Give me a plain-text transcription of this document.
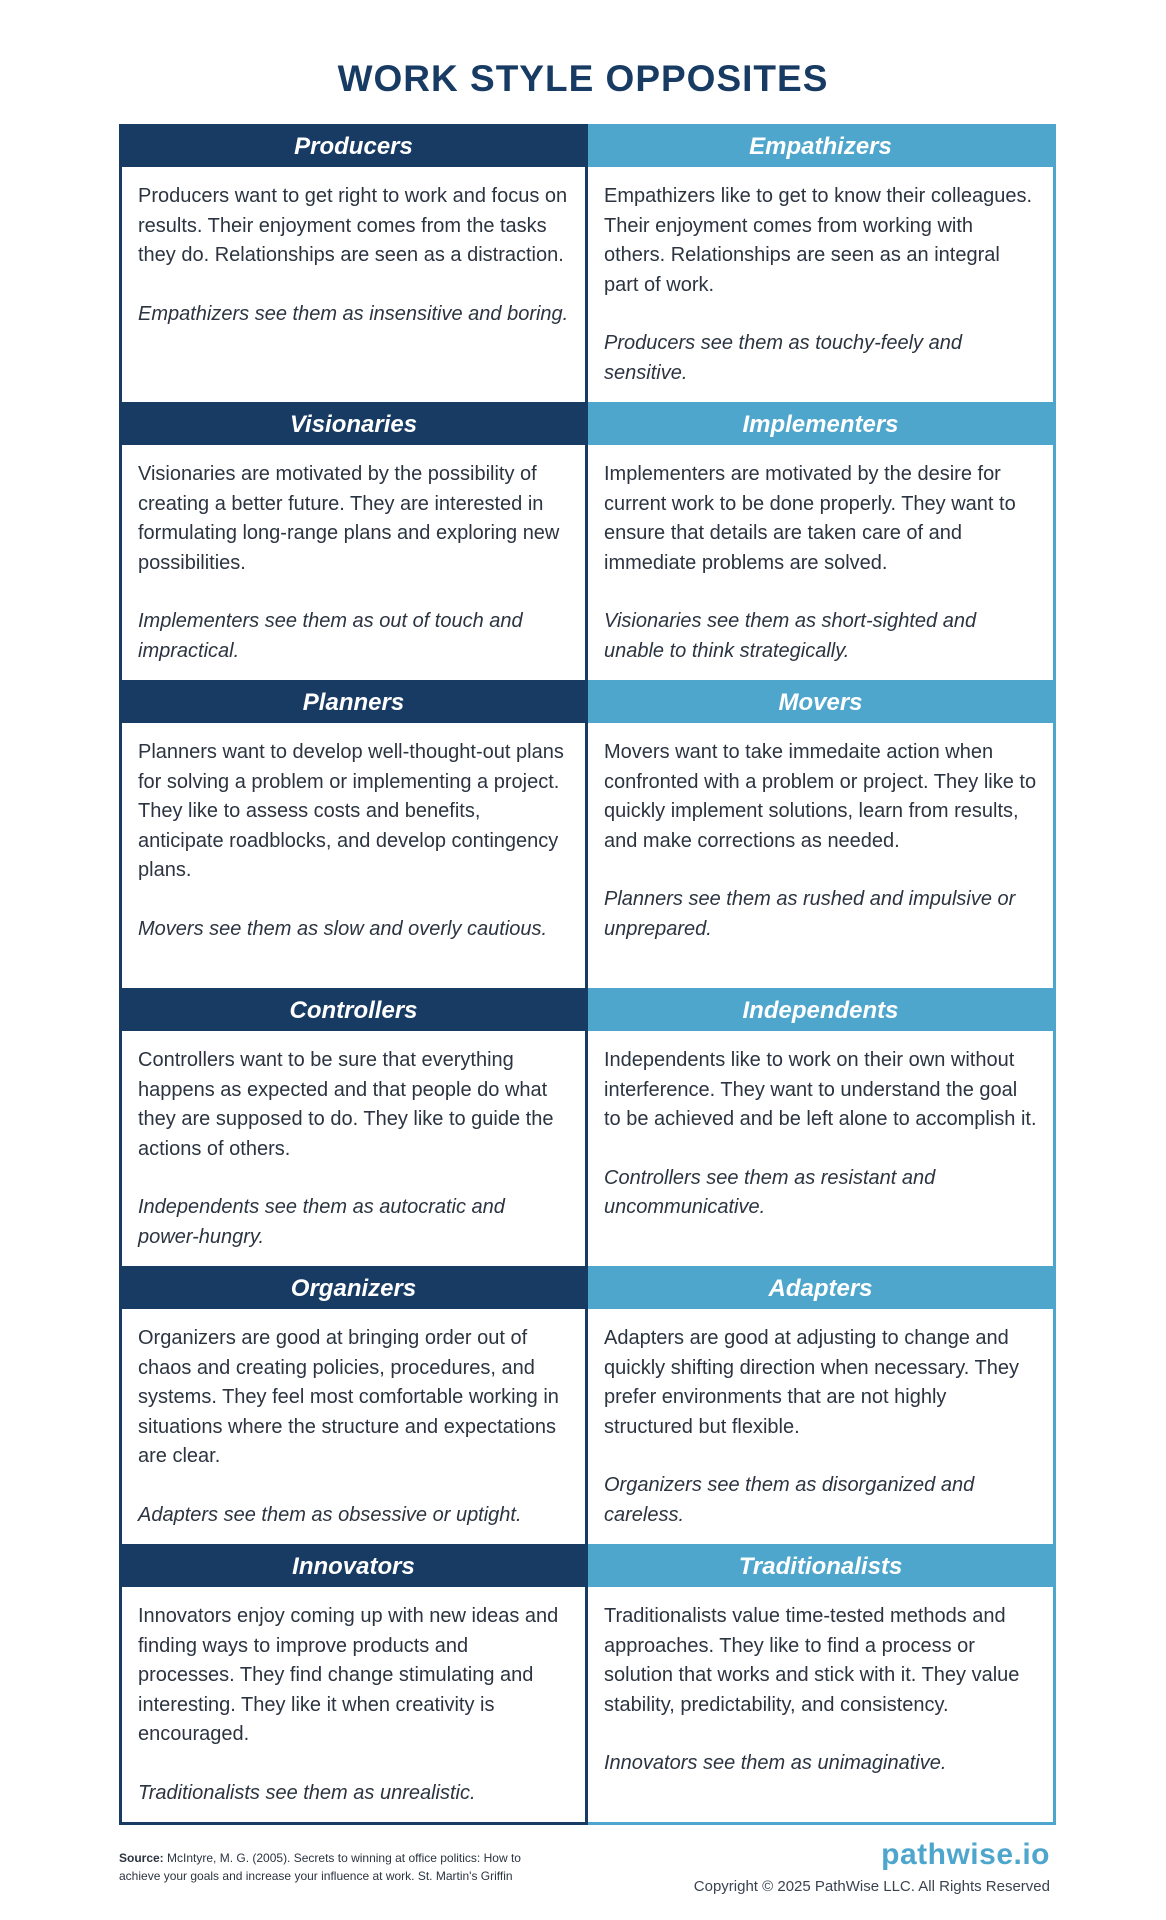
WORK STYLE OPPOSITES
Producers

Producers want to get right to work and focus on results. Their enjoyment comes from the tasks they do. Relationships are seen as a distraction.

Empathizers see them as insensitive and boring.

Empathizers

Empathizers like to get to know their colleagues. Their enjoyment comes from working with others. Relationships are seen as an integral part of work.

Producers see them as touchy-feely and sensitive.

Visionaries

Visionaries are motivated by the possibility of creating a better future. They are interested in formulating long-range plans and exploring new possibilities.

Implementers see them as out of touch and impractical.

Implementers

Implementers are motivated by the desire for current work to be done properly. They want to ensure that details are taken care of and immediate problems are solved.

Visionaries see them as short-sighted and unable to think strategically.

Planners

Planners want to develop well-thought-out plans for solving a problem or implementing a project. They like to assess costs and benefits, anticipate roadblocks, and develop contingency plans.

Movers see them as slow and overly cautious.

Movers

Movers want to take immedaite action when confronted with a problem or project. They like to quickly implement solutions, learn from results, and make corrections as needed.

Planners see them as rushed and impulsive or unprepared.

Controllers

Controllers want to be sure that everything happens as expected and that people do what they are supposed to do. They like to guide the actions of others.

Independents see them as autocratic and power-hungry.

Independents

Independents like to work on their own without interference. They want to understand the goal to be achieved and be left alone to accomplish it.

Controllers see them as resistant and uncommunicative.

Organizers

Organizers are good at bringing order out of chaos and creating policies, procedures, and systems. They feel most comfortable working in situations where the structure and expectations are clear.

Adapters see them as obsessive or uptight.

Adapters

Adapters are good at adjusting to change and quickly shifting direction when necessary. They prefer environments that are not highly structured but flexible.

Organizers see them as disorganized and careless.

Innovators

Innovators enjoy coming up with new ideas and finding ways to improve products and processes. They find change stimulating and interesting. They like it when creativity is encouraged.

Traditionalists see them as unrealistic.

Traditionalists

Traditionalists value time-tested methods and approaches. They like to find a process or solution that works and stick with it. They value stability, predictability, and consistency.

Innovators see them as unimaginative.

Source: McIntyre, M. G. (2005). Secrets to winning at office politics: How to achieve your goals and increase your influence at work. St. Martin's Griffin
pathwise.io
Copyright © 2025 PathWise LLC. All Rights Reserved
